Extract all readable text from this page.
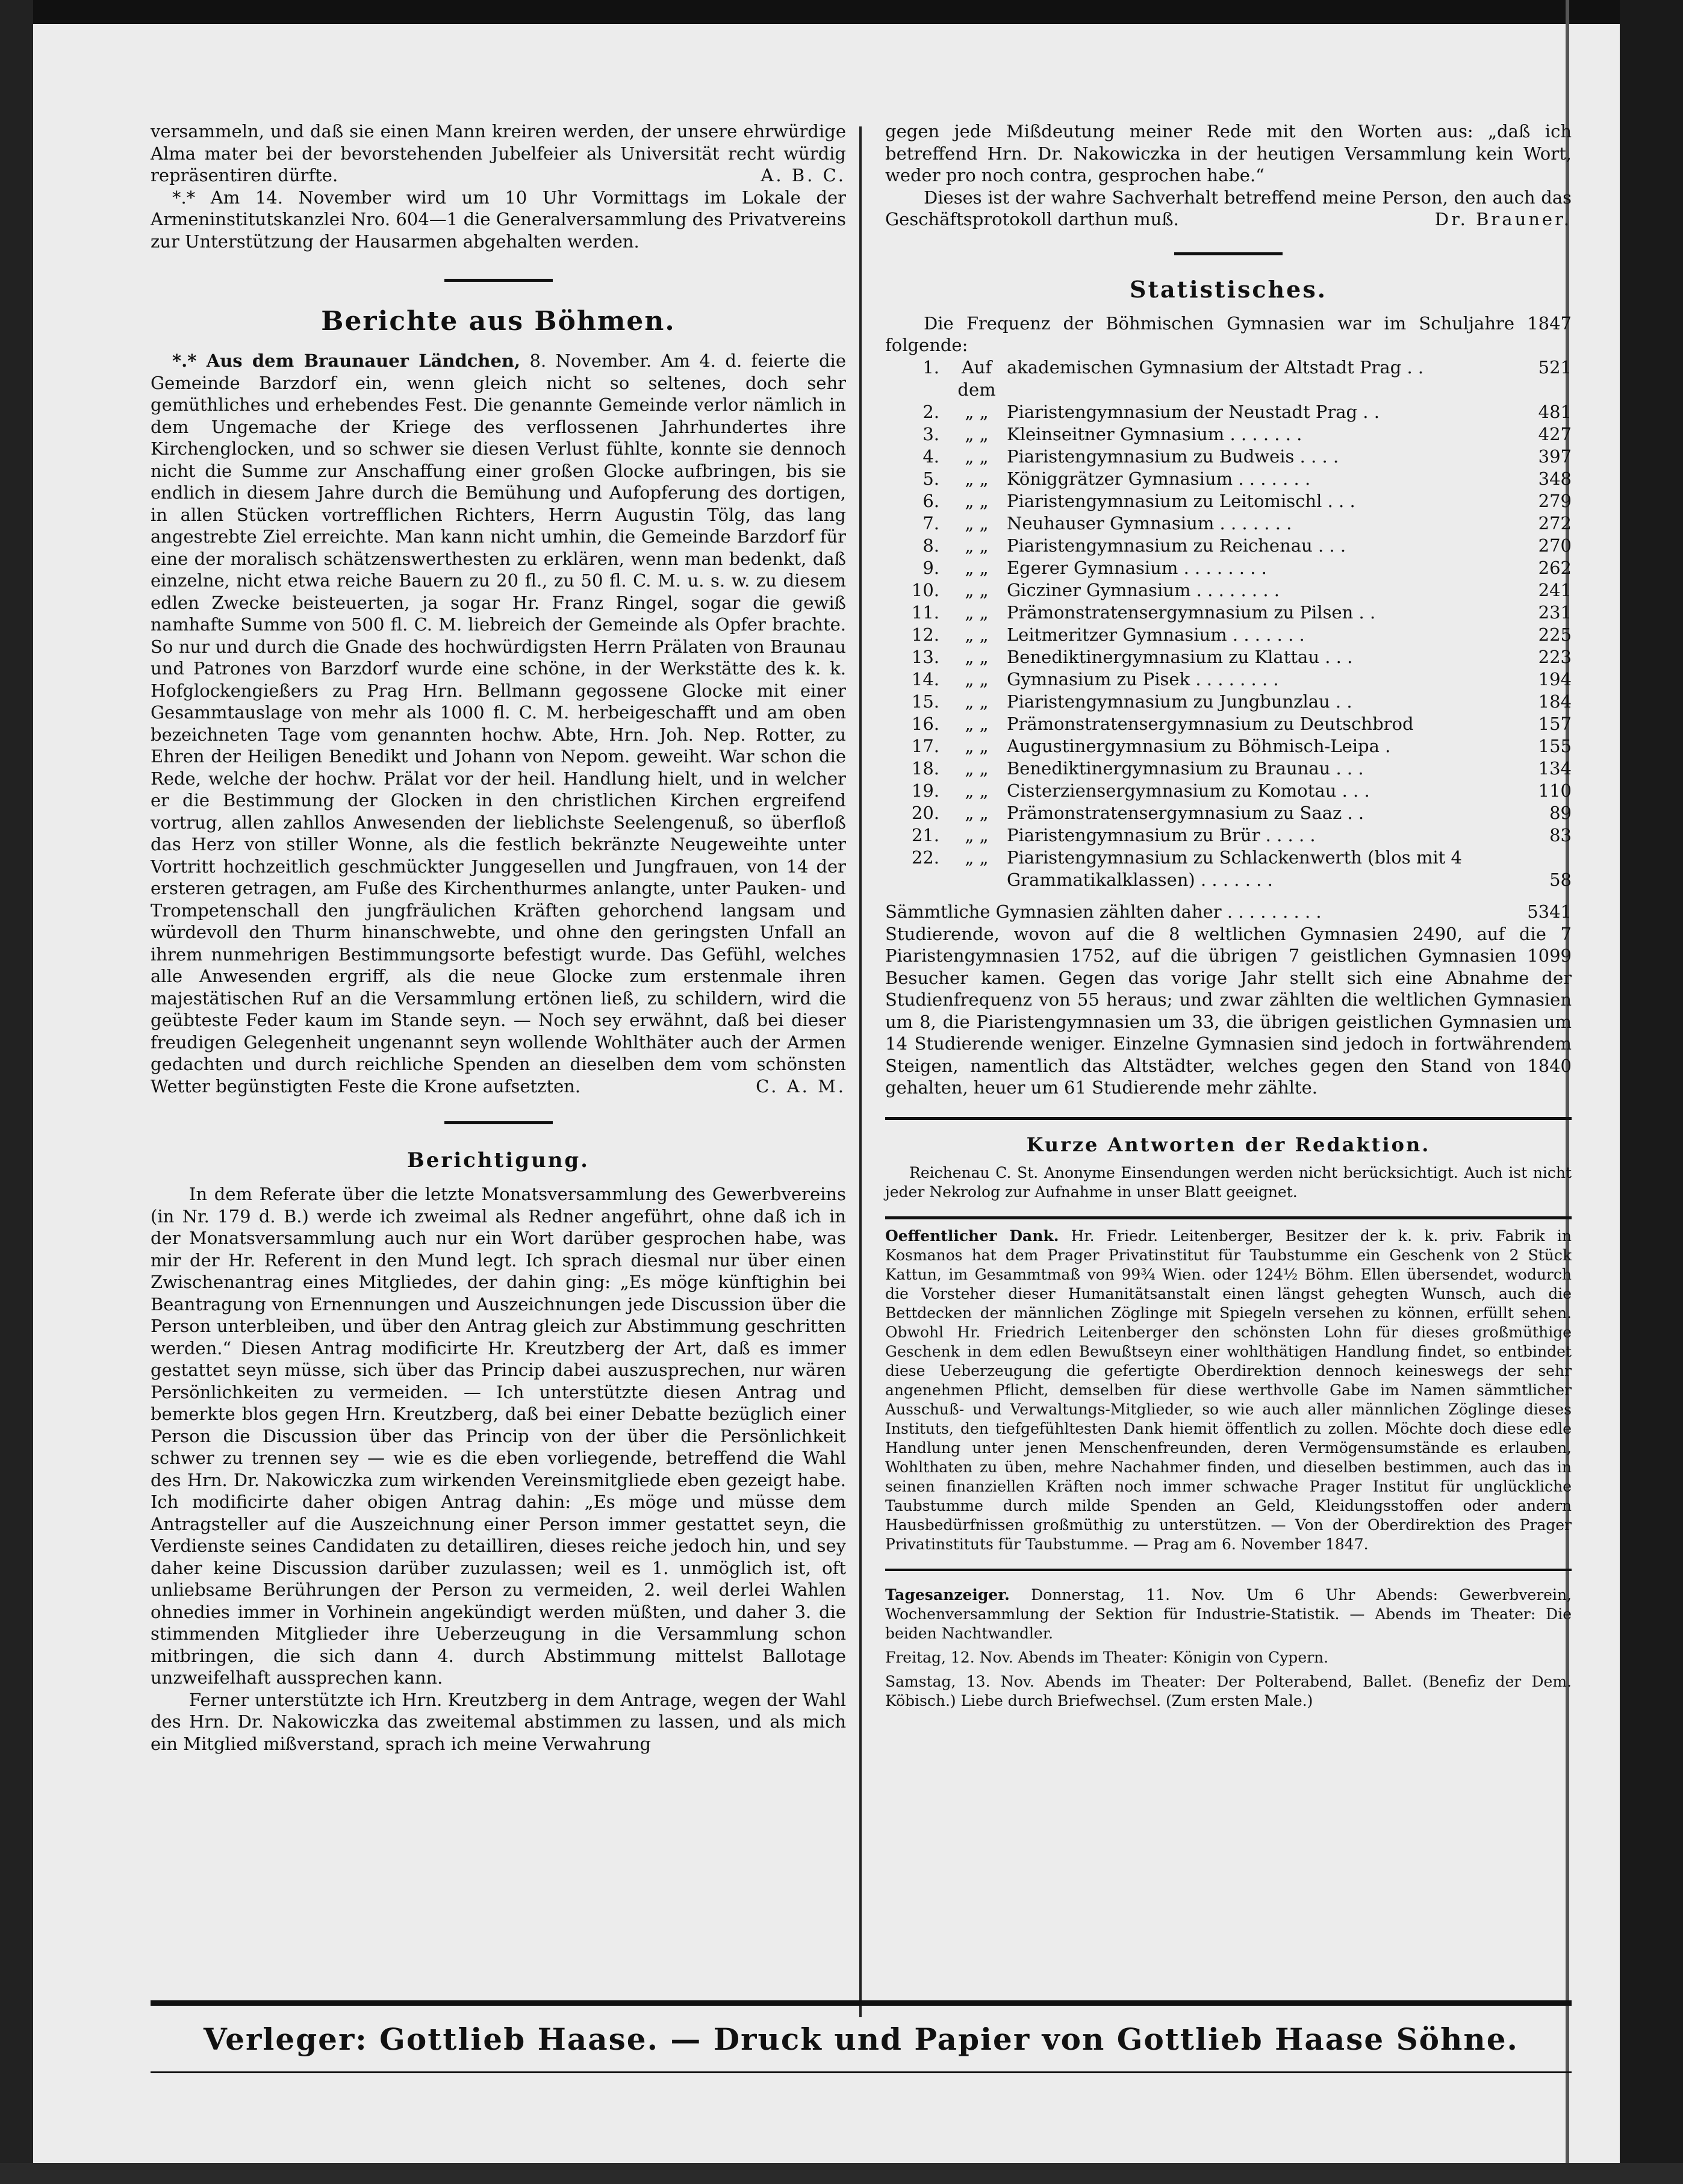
versammeln, und daß sie einen Mann kreiren werden, der unsere ehrwürdige Alma mater bei der bevorstehenden Jubelfeier als Universität recht würdig repräsentiren dürfte.	A. B. C.

*.* Am 14. November wird um 10 Uhr Vormittags im Lokale der Armeninstitutskanzlei Nro. 604—1 die Generalversammlung des Privatvereins zur Unterstützung der Hausarmen abgehalten werden.

Berichte aus Böhmen.

*.* Aus dem Braunauer Ländchen, 8. November. Am 4. d. feierte die Gemeinde Barzdorf ein, wenn gleich nicht so seltenes, doch sehr gemüthliches und erhebendes Fest. Die genannte Gemeinde verlor nämlich in dem Ungemache der Kriege des verflossenen Jahrhundertes ihre Kirchenglocken, und so schwer sie diesen Verlust fühlte, konnte sie dennoch nicht die Summe zur Anschaffung einer großen Glocke aufbringen, bis sie endlich in diesem Jahre durch die Bemühung und Aufopferung des dortigen, in allen Stücken vortrefflichen Richters, Herrn Augustin Tölg, das lang angestrebte Ziel erreichte. Man kann nicht umhin, die Gemeinde Barzdorf für eine der moralisch schätzenswerthesten zu erklären, wenn man bedenkt, daß einzelne, nicht etwa reiche Bauern zu 20 fl., zu 50 fl. C. M. u. s. w. zu diesem edlen Zwecke beisteuerten, ja sogar Hr. Franz Ringel, sogar die gewiß namhafte Summe von 500 fl. C. M. liebreich der Gemeinde als Opfer brachte. So nur und durch die Gnade des hochwürdigsten Herrn Prälaten von Braunau und Patrones von Barzdorf wurde eine schöne, in der Werkstätte des k. k. Hofglockengießers zu Prag Hrn. Bellmann gegossene Glocke mit einer Gesammtauslage von mehr als 1000 fl. C. M. herbeigeschafft und am oben bezeichneten Tage vom genannten hochw. Abte, Hrn. Joh. Nep. Rotter, zu Ehren der Heiligen Benedikt und Johann von Nepom. geweiht. War schon die Rede, welche der hochw. Prälat vor der heil. Handlung hielt, und in welcher er die Bestimmung der Glocken in den christlichen Kirchen ergreifend vortrug, allen zahllos Anwesenden der lieblichste Seelengenuß, so überfloß das Herz von stiller Wonne, als die festlich bekränzte Neugeweihte unter Vortritt hochzeitlich geschmückter Junggesellen und Jungfrauen, von 14 der ersteren getragen, am Fuße des Kirchenthurmes anlangte, unter Pauken- und Trompetenschall den jungfräulichen Kräften gehorchend langsam und würdevoll den Thurm hinanschwebte, und ohne den geringsten Unfall an ihrem nunmehrigen Bestimmungsorte befestigt wurde. Das Gefühl, welches alle Anwesenden ergriff, als die neue Glocke zum erstenmale ihren majestätischen Ruf an die Versammlung ertönen ließ, zu schildern, wird die geübteste Feder kaum im Stande seyn. — Noch sey erwähnt, daß bei dieser freudigen Gelegenheit ungenannt seyn wollende Wohlthäter auch der Armen gedachten und durch reichliche Spenden an dieselben dem vom schönsten Wetter begünstigten Feste die Krone aufsetzten.	C. A. M.

Berichtigung.

In dem Referate über die letzte Monatsversammlung des Gewerbvereins (in Nr. 179 d. B.) werde ich zweimal als Redner angeführt, ohne daß ich in der Monatsversammlung auch nur ein Wort darüber gesprochen habe, was mir der Hr. Referent in den Mund legt. Ich sprach diesmal nur über einen Zwischenantrag eines Mitgliedes, der dahin ging: „Es möge künftighin bei Beantragung von Ernennungen und Auszeichnungen jede Discussion über die Person unterbleiben, und über den Antrag gleich zur Abstimmung geschritten werden.“ Diesen Antrag modificirte Hr. Kreutzberg der Art, daß es immer gestattet seyn müsse, sich über das Princip dabei auszusprechen, nur wären Persönlichkeiten zu vermeiden. — Ich unterstützte diesen Antrag und bemerkte blos gegen Hrn. Kreutzberg, daß bei einer Debatte bezüglich einer Person die Discussion über das Princip von der über die Persönlichkeit schwer zu trennen sey — wie es die eben vorliegende, betreffend die Wahl des Hrn. Dr. Nakowiczka zum wirkenden Vereinsmitgliede eben gezeigt habe. Ich modificirte daher obigen Antrag dahin: „Es möge und müsse dem Antragsteller auf die Auszeichnung einer Person immer gestattet seyn, die Verdienste seines Candidaten zu detailliren, dieses reiche jedoch hin, und sey daher keine Discussion darüber zuzulassen; weil es 1. unmöglich ist, oft unliebsame Berührungen der Person zu vermeiden, 2. weil derlei Wahlen ohnedies immer in Vorhinein angekündigt werden müßten, und daher 3. die stimmenden Mitglieder ihre Ueberzeugung in die Versammlung schon mitbringen, die sich dann 4. durch Abstimmung mittelst Ballotage unzweifelhaft aussprechen kann.

Ferner unterstützte ich Hrn. Kreutzberg in dem Antrage, wegen der Wahl des Hrn. Dr. Nakowiczka das zweitemal abstimmen zu lassen, und als mich ein Mitglied mißverstand, sprach ich meine Verwahrung

gegen jede Mißdeutung meiner Rede mit den Worten aus: „daß ich betreffend Hrn. Dr. Nakowiczka in der heutigen Versammlung kein Wort, weder pro noch contra, gesprochen habe.“

Dieses ist der wahre Sachverhalt betreffend meine Person, den auch das Geschäftsprotokoll darthun muß.	Dr. Brauner.

Statistisches.

Die Frequenz der Böhmischen Gymnasien war im Schuljahre 1847 folgende:

1.	Auf dem	akademischen Gymnasium der Altstadt Prag . .	521
2.	„ „	Piaristengymnasium der Neustadt Prag . .	481
3.	„ „	Kleinseitner Gymnasium . . . . . . .	427
4.	„ „	Piaristengymnasium zu Budweis . . . .	397
5.	„ „	Königgrätzer Gymnasium . . . . . . .	348
6.	„ „	Piaristengymnasium zu Leitomischl . . .	279
7.	„ „	Neuhauser Gymnasium . . . . . . .	272
8.	„ „	Piaristengymnasium zu Reichenau . . .	270
9.	„ „	Egerer Gymnasium . . . . . . . .	262
10.	„ „	Gicziner Gymnasium . . . . . . . .	241
11.	„ „	Prämonstratensergymnasium zu Pilsen . .	231
12.	„ „	Leitmeritzer Gymnasium . . . . . . .	225
13.	„ „	Benediktinergymnasium zu Klattau . . .	223
14.	„ „	Gymnasium zu Pisek . . . . . . . .	194
15.	„ „	Piaristengymnasium zu Jungbunzlau . .	184
16.	„ „	Prämonstratensergymnasium zu Deutschbrod	157
17.	„ „	Augustinergymnasium zu Böhmisch-Leipa .	155
18.	„ „	Benediktinergymnasium zu Braunau . . .	134
19.	„ „	Cisterziensergymnasium zu Komotau . . .	110
20.	„ „	Prämonstratensergymnasium zu Saaz . .	89
21.	„ „	Piaristengymnasium zu Brür . . . . .	83
22.	„ „	Piaristengymnasium zu Schlackenwerth (blos mit 4 Grammatikalklassen) . . . . . . .	58
Sämmtliche Gymnasien zählten daher . . . . . . . . .	5341

Studierende, wovon auf die 8 weltlichen Gymnasien 2490, auf die 7 Piaristengymnasien 1752, auf die übrigen 7 geistlichen Gymnasien 1099 Besucher kamen. Gegen das vorige Jahr stellt sich eine Abnahme der Studienfrequenz von 55 heraus; und zwar zählten die weltlichen Gymnasien um 8, die Piaristengymnasien um 33, die übrigen geistlichen Gymnasien um 14 Studierende weniger. Einzelne Gymnasien sind jedoch in fortwährendem Steigen, namentlich das Altstädter, welches gegen den Stand von 1840 gehalten, heuer um 61 Studierende mehr zählte.

Kurze Antworten der Redaktion.

Reichenau C. St. Anonyme Einsendungen werden nicht berücksichtigt. Auch ist nicht jeder Nekrolog zur Aufnahme in unser Blatt geeignet.

Oeffentlicher Dank. Hr. Friedr. Leitenberger, Besitzer der k. k. priv. Fabrik in Kosmanos hat dem Prager Privatinstitut für Taubstumme ein Geschenk von 2 Stück Kattun, im Gesammtmaß von 99¾ Wien. oder 124½ Böhm. Ellen übersendet, wodurch die Vorsteher dieser Humanitätsanstalt einen längst gehegten Wunsch, auch die Bettdecken der männlichen Zöglinge mit Spiegeln versehen zu können, erfüllt sehen. Obwohl Hr. Friedrich Leitenberger den schönsten Lohn für dieses großmüthige Geschenk in dem edlen Bewußtseyn einer wohlthätigen Handlung findet, so entbindet diese Ueberzeugung die gefertigte Oberdirektion dennoch keineswegs der sehr angenehmen Pflicht, demselben für diese werthvolle Gabe im Namen sämmtlicher Ausschuß- und Verwaltungs-Mitglieder, so wie auch aller männlichen Zöglinge dieses Instituts, den tiefgefühltesten Dank hiemit öffentlich zu zollen. Möchte doch diese edle Handlung unter jenen Menschenfreunden, deren Vermögensumstände es erlauben, Wohlthaten zu üben, mehre Nachahmer finden, und dieselben bestimmen, auch das in seinen finanziellen Kräften noch immer schwache Prager Institut für unglückliche Taubstumme durch milde Spenden an Geld, Kleidungsstoffen oder andern Hausbedürfnissen großmüthig zu unterstützen. — Von der Oberdirektion des Prager Privatinstituts für Taubstumme. — Prag am 6. November 1847.

Tagesanzeiger. Donnerstag, 11. Nov. Um 6 Uhr Abends: Gewerbverein, Wochenversammlung der Sektion für Industrie-Statistik. — Abends im Theater: Die beiden Nachtwandler.

Freitag, 12. Nov. Abends im Theater: Königin von Cypern.

Samstag, 13. Nov. Abends im Theater: Der Polterabend, Ballet. (Benefiz der Dem. Köbisch.) Liebe durch Briefwechsel. (Zum ersten Male.)

Verleger: Gottlieb Haase. — Druck und Papier von Gottlieb Haase Söhne.
